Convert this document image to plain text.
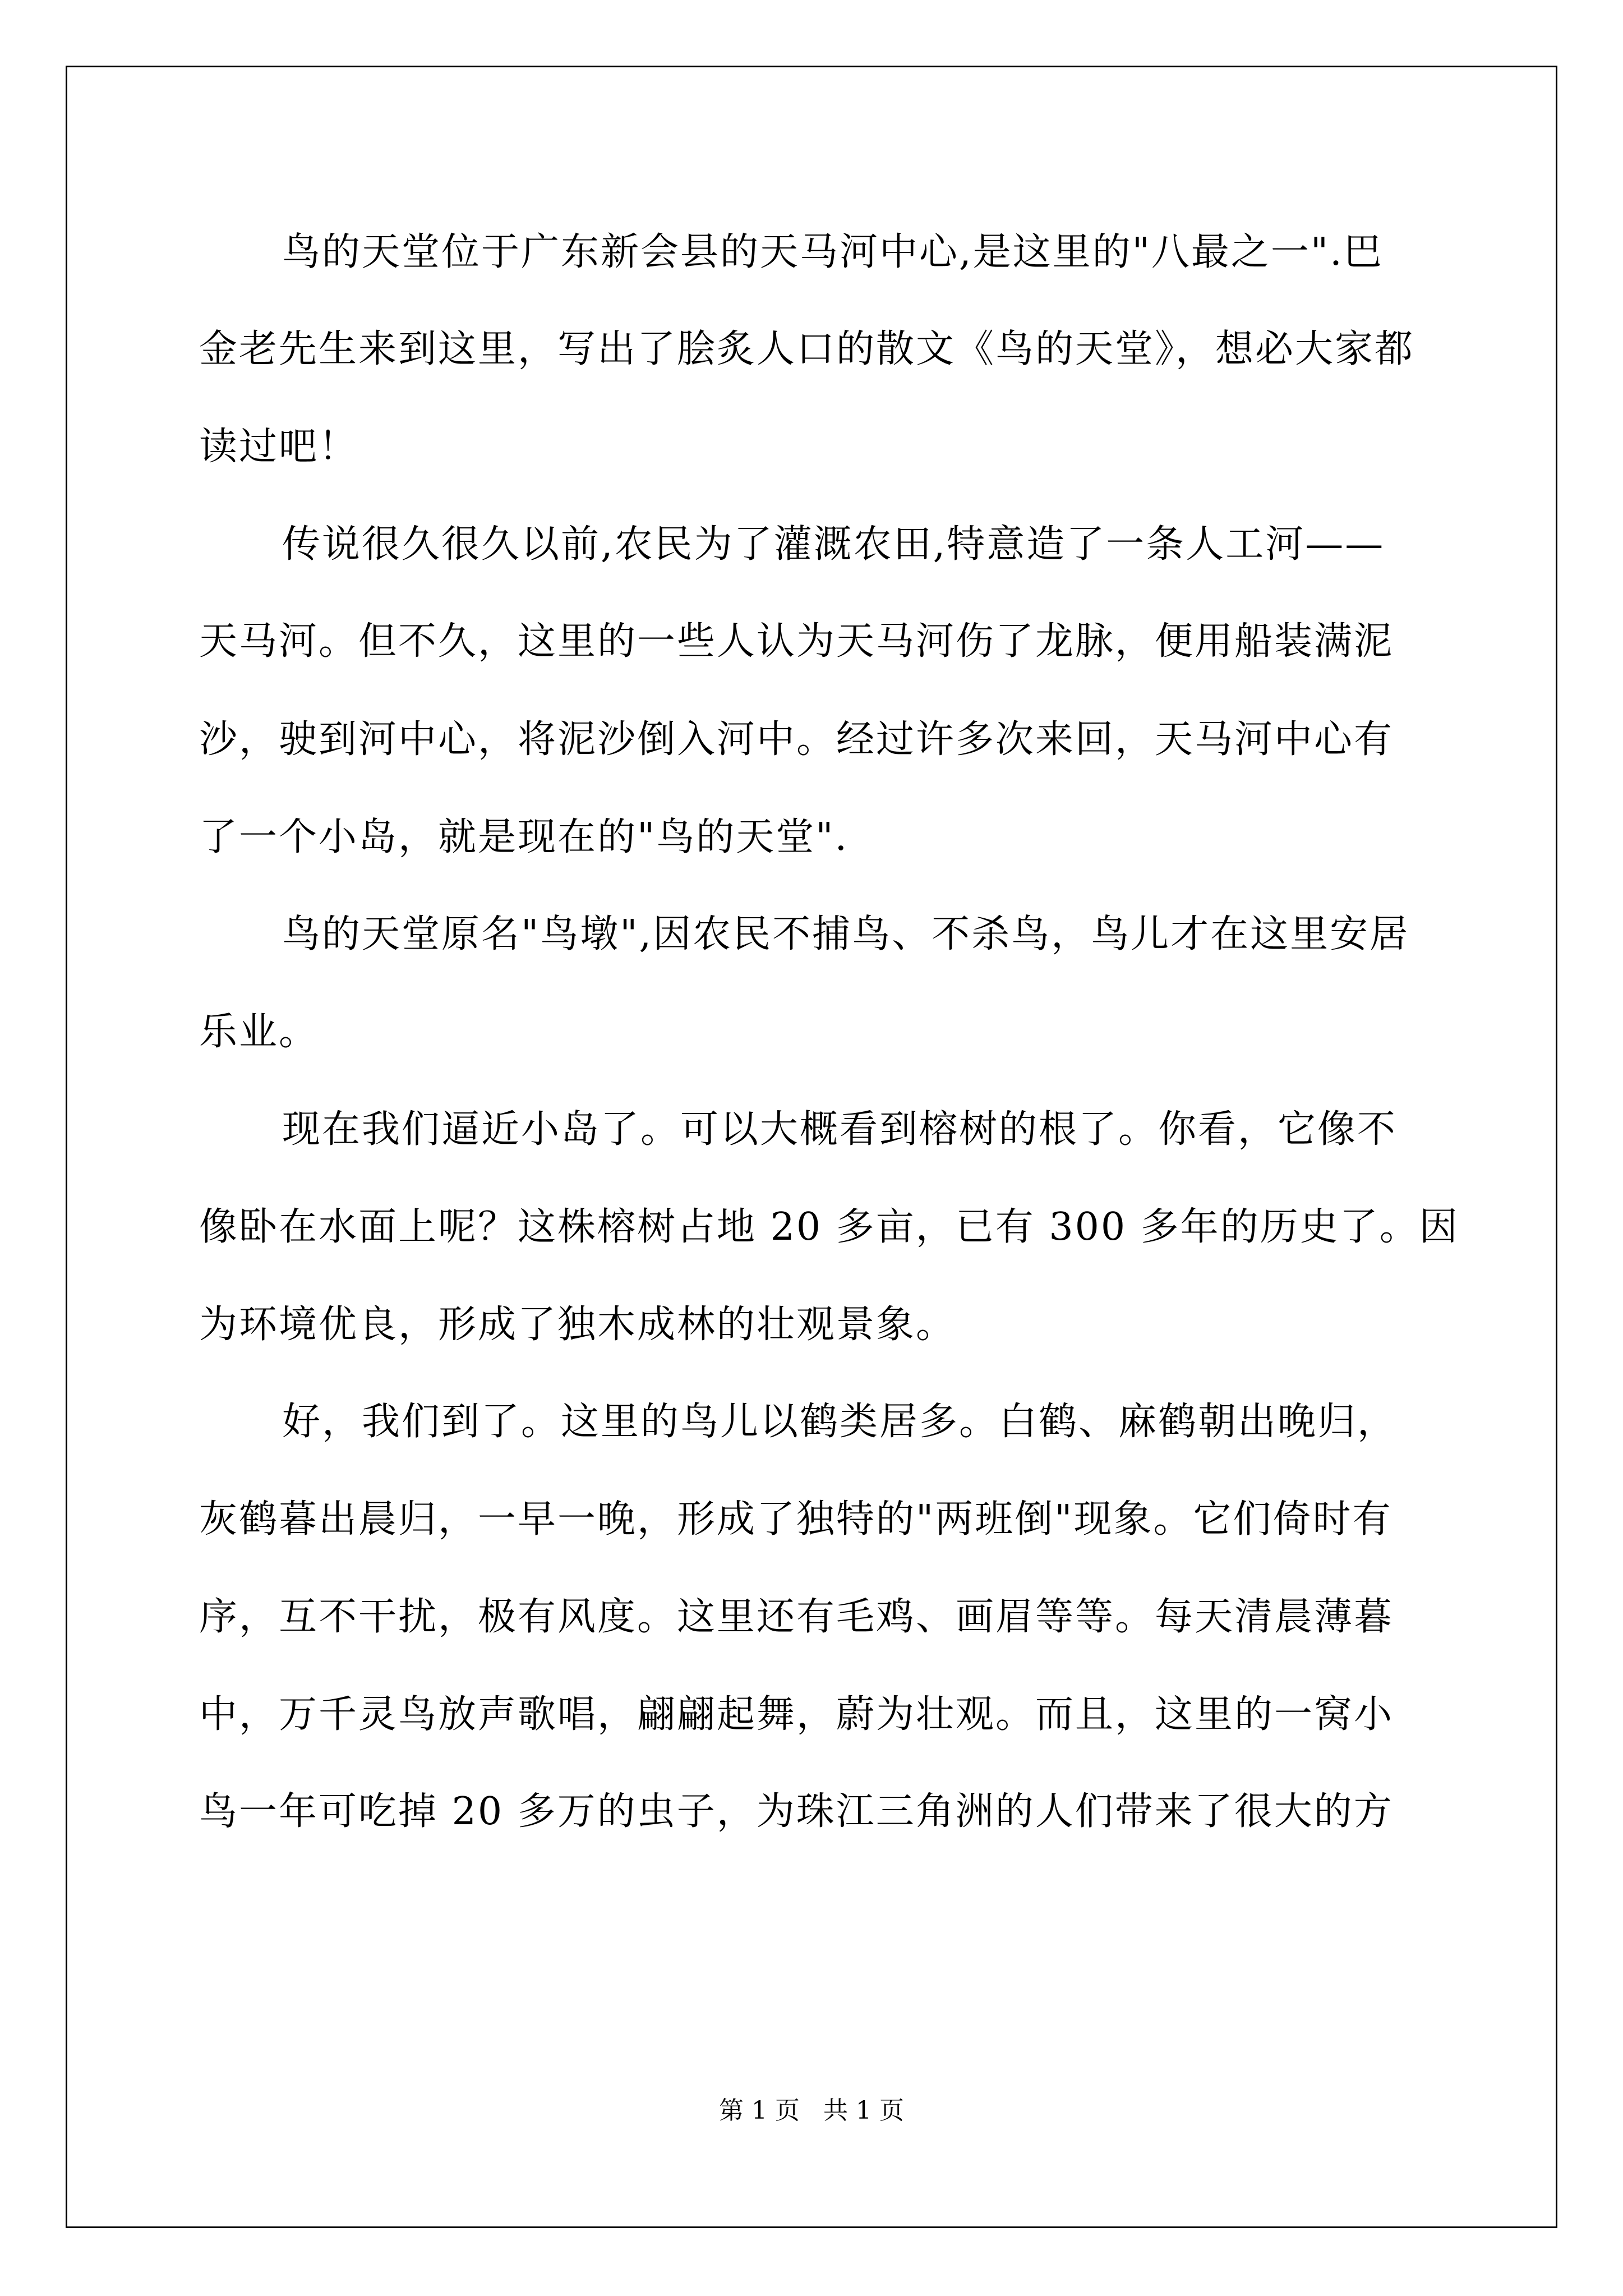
鸟的天堂位于广东新会县的天马河中心,是这里的"八最之一".巴
金老先生来到这里，写出了脍炙人口的散文《鸟的天堂》，想必大家都
读过吧！
传说很久很久以前,农民为了灌溉农田,特意造了一条人工河——
天马河。但不久，这里的一些人认为天马河伤了龙脉，便用船装满泥
沙，驶到河中心，将泥沙倒入河中。经过许多次来回，天马河中心有
了一个小岛，就是现在的"鸟的天堂".
鸟的天堂原名"鸟墩",因农民不捕鸟、不杀鸟，鸟儿才在这里安居
乐业。
现在我们逼近小岛了。可以大概看到榕树的根了。你看，它像不
像卧在水面上呢？这株榕树占地 20 多亩，已有 300 多年的历史了。因
为环境优良，形成了独木成林的壮观景象。
好，我们到了。这里的鸟儿以鹤类居多。白鹤、麻鹤朝出晚归，
灰鹤暮出晨归，一早一晚，形成了独特的"两班倒"现象。它们倚时有
序，互不干扰，极有风度。这里还有毛鸡、画眉等等。每天清晨薄暮
中，万千灵鸟放声歌唱，翩翩起舞，蔚为壮观。而且，这里的一窝小
鸟一年可吃掉 20 多万的虫子，为珠江三角洲的人们带来了很大的方
第 1 页   共 1 页
